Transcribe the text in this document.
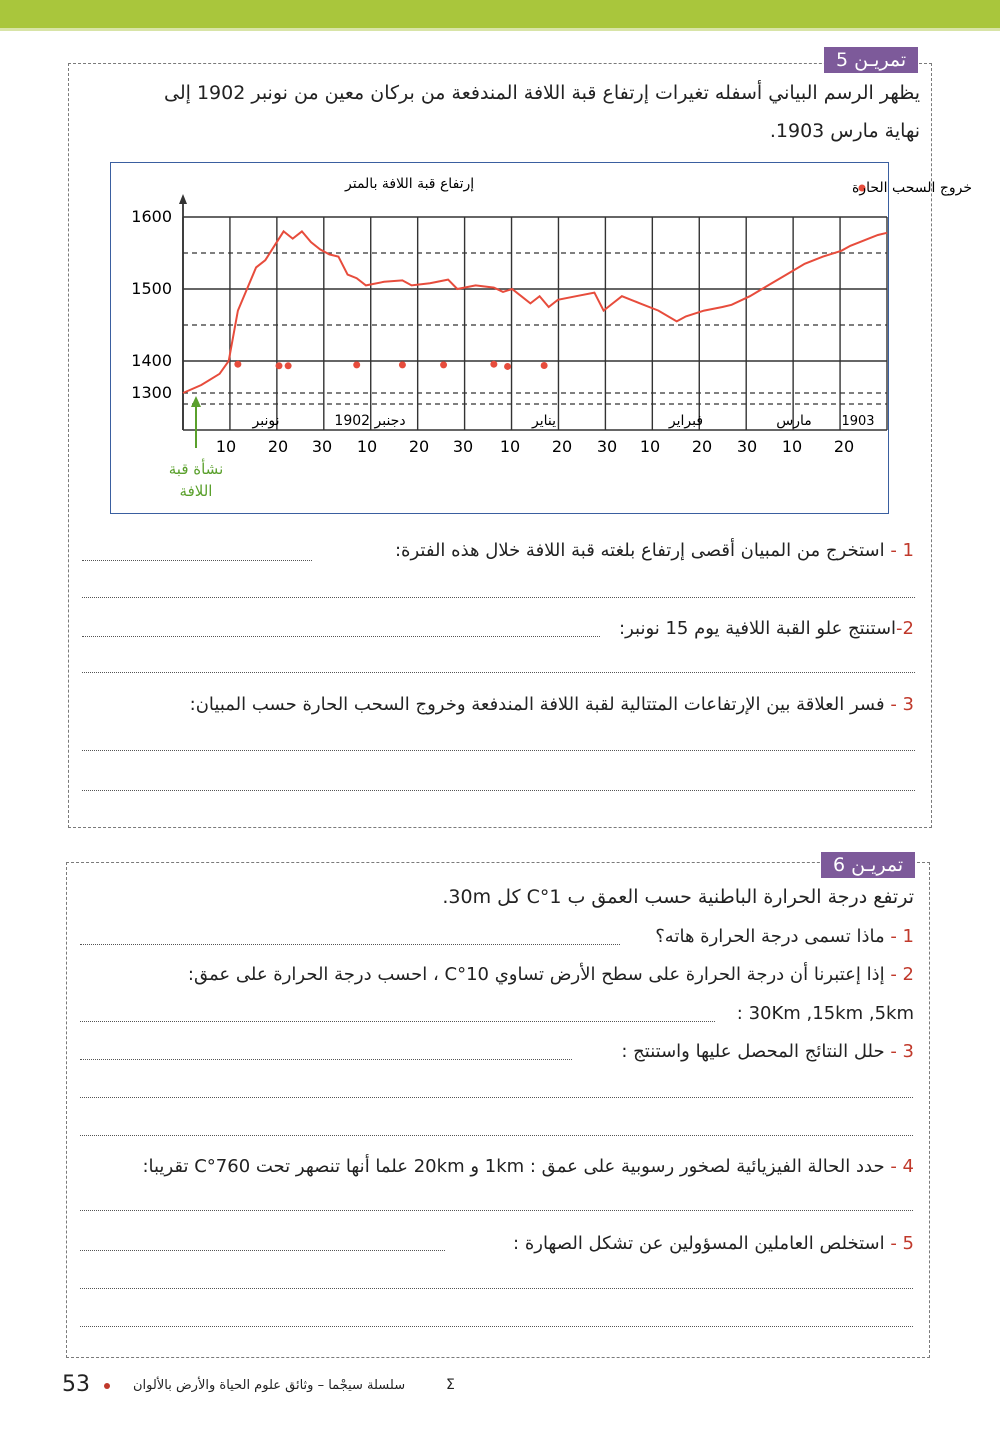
تمريـن 5
يظهر الرسم البياني أسفله تغيرات إرتفاع قبة اللافة المندفعة من بركان معين من نونبر 1902 إلى
نهاية مارس 1903.
1600
1500
1400
1300
10 20 30 10 20 30 10 20 30 10 20 30 10 20
نونبر	دجنبر 1902	يناير	فبراير	مارس 1903
إرتفاع قبة اللافة بالمتر	خروج السحب الحارة
نشأة قبة
اللافة
1 - استخرج من المبيان أقصى إرتفاع بلغته قبة اللافة خلال هذه الفترة:
2-استنتج علو القبة اللافية يوم 15 نونبر:
3 - فسر العلاقة بين الإرتفاعات المتتالية لقبة اللافة المندفعة وخروج السحب الحارة حسب المبيان:
تمريـن 6
ترتفع درجة الحرارة الباطنية حسب العمق ب 1°C كل 30m.
1 - ماذا تسمى درجة الحرارة هاته؟
2 - إذا إعتبرنا أن درجة الحرارة على سطح الأرض تساوي 10°C ، احسب درجة الحرارة على عمق:
30Km ,15km ,5km :
3 - حلل النتائج المحصل عليها واستنتج :
4 - حدد الحالة الفيزيائية لصخور رسوبية على عمق : 1km و 20km علما أنها تنصهر تحت 760°C تقريبا:
5 - استخلص العاملين المسؤولين عن تشكل الصهارة :
53	سلسلة سيجْما – وثائق علوم الحياة والأرض بالألوان	Σ
